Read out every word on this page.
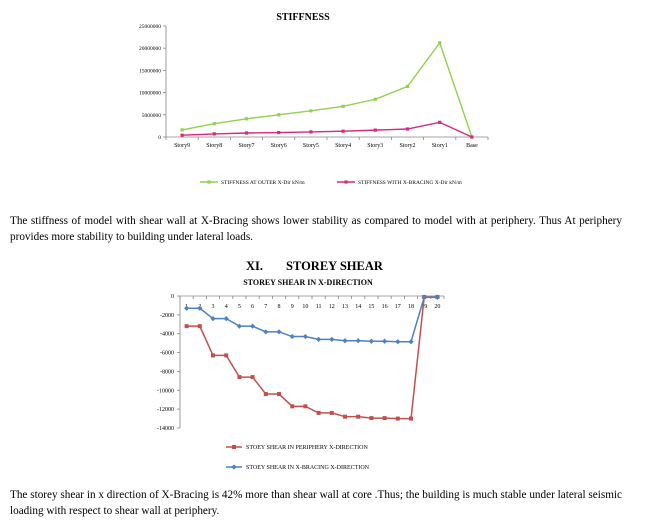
STIFFNESS
0
5000000
10000000
15000000
20000000
25000000
Story9	Story8	Story7	Story6	Story5	Story4	Story3	Story2	Story1	Base
STIFFNESS AT OUTER X-Dir kN/m	STIFFNESS WITH X-BRACING X-Dir kN/m

The stiffness of model with shear wall at X-Bracing shows lower stability as compared to model with at periphery. Thus At periphery provides more stability to building under lateral loads.

XI. STOREY SHEAR
STOREY SHEAR IN X-DIRECTION
0
-2000
-4000
-6000
-8000
-10000
-12000
-14000
3 4 5 6 7 8 9 10 11 12 13 14 15 16 17 18 19 20
STOEY SHEAR IN PERIPHERY X-DIRECTION
STOEY SHEAR IN X-BRACING X-DIRECTION

The storey shear in x direction of X-Bracing is 42% more than shear wall at core .Thus; the building is much stable under lateral seismic loading with respect to shear wall at periphery.
